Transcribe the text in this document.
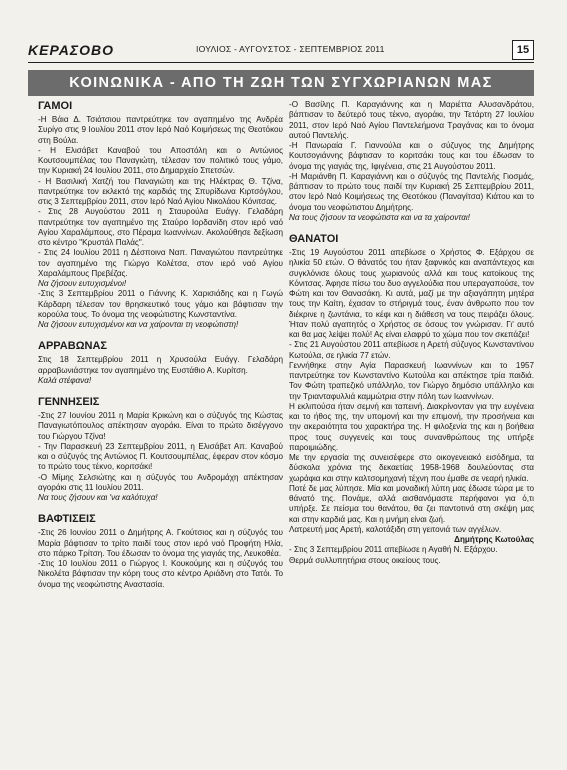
ΚΕΡΑΣΟΒΟ	ΙΟΥΛΙΟΣ - ΑΥΓΟΥΣΤΟΣ - ΣΕΠΤΕΜΒΡΙΟΣ 2011	15
ΚΟΙΝΩΝΙΚΑ - ΑΠΟ ΤΗ ΖΩΗ ΤΩΝ ΣΥΓΧΩΡΙΑΝΩΝ ΜΑΣ
ΓΑΜΟΙ

-Η Βάια Δ. Τσιάτσιου παντρεύτηκε τον αγαπημένο της Ανδρέα Συρίγο στις 9 Ιουλίου 2011 στον Ιερό Ναό Κοιμήσεως της Θεοτόκου στη Βούλα.

- Η Ελισάβετ Καναβού του Αποστόλη και ο Αντώνιος Κουτσουμπέλας του Παναγιώτη, τέλεσαν τον πολιτικό τους γάμο, την Κυριακή 24 Ιουλίου 2011, στο Δημαρχείο Σπετσών.

- Η Βασιλική Χατζή του Παναγιώτη και της Ηλέκτρας Θ. Τζίνα, παντρεύτηκε τον εκλεκτό της καρδιάς της Σπυρίδωνα Κιρτσόγλου, στις 3 Σεπτεμβρίου 2011, στον Ιερό Ναό Αγίου Νικολάου Κόνιτσας.

- Στις 28 Αυγούστου 2011 η Σταυρούλα Ευάγγ. Γελαδάρη παντρεύτηκε τον αγαπημένο της Σταύρο Ιορδανίδη στον ιερό ναό Αγίου Χαραλάμπους, στο Πέραμα Ιωαννίνων. Ακολούθησε δεξίωση στο κέντρο "Κρυστάλ Παλάς".

- Στις 24 Ιουλίου 2011 η Δέσποινα Ναπ. Παναγιώτου παντρεύτηκε τον αγαπημένο της Γιώργο Κολέτσα, στον ιερό ναό Αγίου Χαραλάμπους Πρεβέζας.

Να ζήσουν ευτυχισμένοι!

-Στις 3 Σεπτεμβρίου 2011 ο Γιάννης Κ. Χαρισιάδης και η Γωγώ Κάρδαρη τέλεσαν τον θρησκευτικό τους γάμο και βάφτισαν την κορούλα τους. Το όνομα της νεοφώτιστης Κωνσταντίνα.

Να ζήσουν ευτυχισμένοι και να χαίρονται τη νεοφώτιστη!

ΑΡΡΑΒΩΝΑΣ

Στις 18 Σεπτεμβρίου 2011 η Χρυσούλα Ευάγγ. Γελαδάρη αρραβωνιάστηκε τον αγαπημένο της Ευστάθιο Α. Κυρίτση.

Καλά στέφανα!

ΓΕΝΝΗΣΕΙΣ

-Στις 27 Ιουνίου 2011 η Μαρία Κρικώνη και ο σύζυγός της Κώστας Παναγιωτόπουλος απέκτησαν αγοράκι. Είναι το πρώτο δισέγγονο του Γιώργου Τζίνα!

- Την Παρασκευή 23 Σεπτεμβρίου 2011, η Ελισάβετ Απ. Καναβού και ο σύζυγός της Αντώνιος Π. Κουτσουμπέλας, έφεραν στον κόσμο το πρώτο τους τέκνο, κοριτσάκι!

-Ο Μίμης Σελσιώτης και η σύζυγός του Ανδρομάχη απέκτησαν αγοράκι στις 11 Ιουλίου 2011.

Να τους ζήσουν και 'να καλότυχα!

ΒΑΦΤΙΣΕΙΣ

-Στις 26 Ιουνίου 2011 ο Δημήτρης Α. Γκούτσιος και η σύζυγός του Μαρία βάφτισαν το τρίτο παιδί τους στον ιερό ναό Προφήτη Ηλία, στο πάρκο Τρίτση. Του έδωσαν το όνομα της γιαγιάς της, Λευκοθέα.

-Στις 10 Ιουλίου 2011 ο Γιώργος Ι. Κουκούμης και η σύζυγός του Νικολέτα βάφτισαν την κόρη τους στο κέντρο Αριάδνη στο Τατόι. Το όνομα της νεοφώτιστης Αναστασία.

-Ο Βασίλης Π. Καραγιάννης και η Μαριέττα Αλυσανδράτου, βάπτισαν το δεύτερό τους τέκνο, αγοράκι, την Τετάρτη 27 Ιουλίου 2011, στον Ιερό Ναό Αγίου Παντελεήμονα Τραγάνας και το όνομα αυτού Παντελής.

-Η Πανωραία Γ. Γιαννούλα και ο σύζυγος της Δημήτρης Κουτσογιάννης βάφτισαν το κοριτσάκι τους και του έδωσαν το όνομα της γιαγιάς της, Ιφιγένεια, στις 21 Αυγούστου 2011.

-Η Μαριάνθη Π. Καραγιάννη και ο σύζυγός της Παντελής Γιοσμάς, βάπτισαν το πρώτο τους παιδί την Κυριακή 25 Σεπτεμβρίου 2011, στον Ιερό Ναό Κοιμήσεως της Θεοτόκου (Παναγίτσα) Κιάτου και το όνομα του νεοφώτιστου Δημήτρης.

Να τους ζήσουν τα νεοφώτιστα και να τα χαίρονται!

ΘΑΝΑΤΟΙ

-Στις 19 Αυγούστου 2011 απεβίωσε ο Χρήστος Φ. Εξάρχου σε ηλικία 50 ετών. Ο θάνατός του ήταν ξαφνικός και αναπάντεχος και συγκλόνισε όλους τους χωριανούς αλλά και τους κατοίκους της Κόνιτσας. Άφησε πίσω του δυο αγγελούδια που υπεραγαπούσε, τον Φώτη και τον Θανασάκη. Κι αυτά, μαζί με την αξιαγάπητη μητέρα τους την Καίτη, έχασαν το στήριγμά τους, έναν άνθρωπο που τον διέκρινε η ζωντάνια, το κέφι και η διάθεση να τους πειράζει όλους. Ήταν πολύ αγαπητός ο Χρήστος σε όσους τον γνώρισαν. Γι' αυτό και θα μας λείψει πολύ! Ας είναι ελαφρύ το χώμα που τον σκεπάζει!

- Στις 21 Αυγούστου 2011 απεβίωσε η Αρετή σύζυγος Κωνσταντίνου Κωτούλα, σε ηλικία 77 ετών.

Γεννήθηκε στην Αγία Παρασκευή Ιωαννίνων και το 1957 παντρεύτηκε τον Κωνσταντίνο Κωτούλα και απέκτησε τρία παιδιά. Τον Φώτη τραπεζικό υπάλληλο, τον Γιώργο δημόσιο υπάλληλο και την Τριανταφυλλιά καμμώτρια στην πόλη των Ιωαννίνων.

Η εκλιπούσα ήταν σεμνή και ταπεινή. Διακρίνονταν για την ευγένεια και το ήθος της, την υπομονή και την επιμονή, την προσήνεια και την ακεραιότητα του χαρακτήρα της. Η φιλοξενία της και η βοήθεια προς τους συγγενείς και τους συνανθρώπους της υπήρξε παροιμιώδης.

Με την εργασία της συνεισέφερε στο οικογενειακό εισόδημα, τα δύσκολα χρόνια της δεκαετίας 1958-1968 δουλεύοντας στα χωράφια και στην καλτσομηχανή τέχνη που έμαθε σε νεαρή ηλικία.

Ποτέ δε μας λύπησε. Μία και μοναδική λύπη μας έδωσε τώρα με το θάνατό της. Πονάμε, αλλά αισθανόμαστε περήφανοι για ό,τι υπήρξε. Σε πείσμα του θανάτου, θα ζει παντοτινά στη σκέψη μας και στην καρδιά μας. Και η μνήμη είναι ζωή.

Λατρευτή μας Αρετή, καλοτάξιδη στη γειτονιά των αγγέλων.

Δημήτρης Κωτούλας

- Στις 3 Σεπτεμβρίου 2011 απεβίωσε η Αγαθή Ν. Εξάρχου.

Θερμά συλλυπητήρια στους οικείους τους.
